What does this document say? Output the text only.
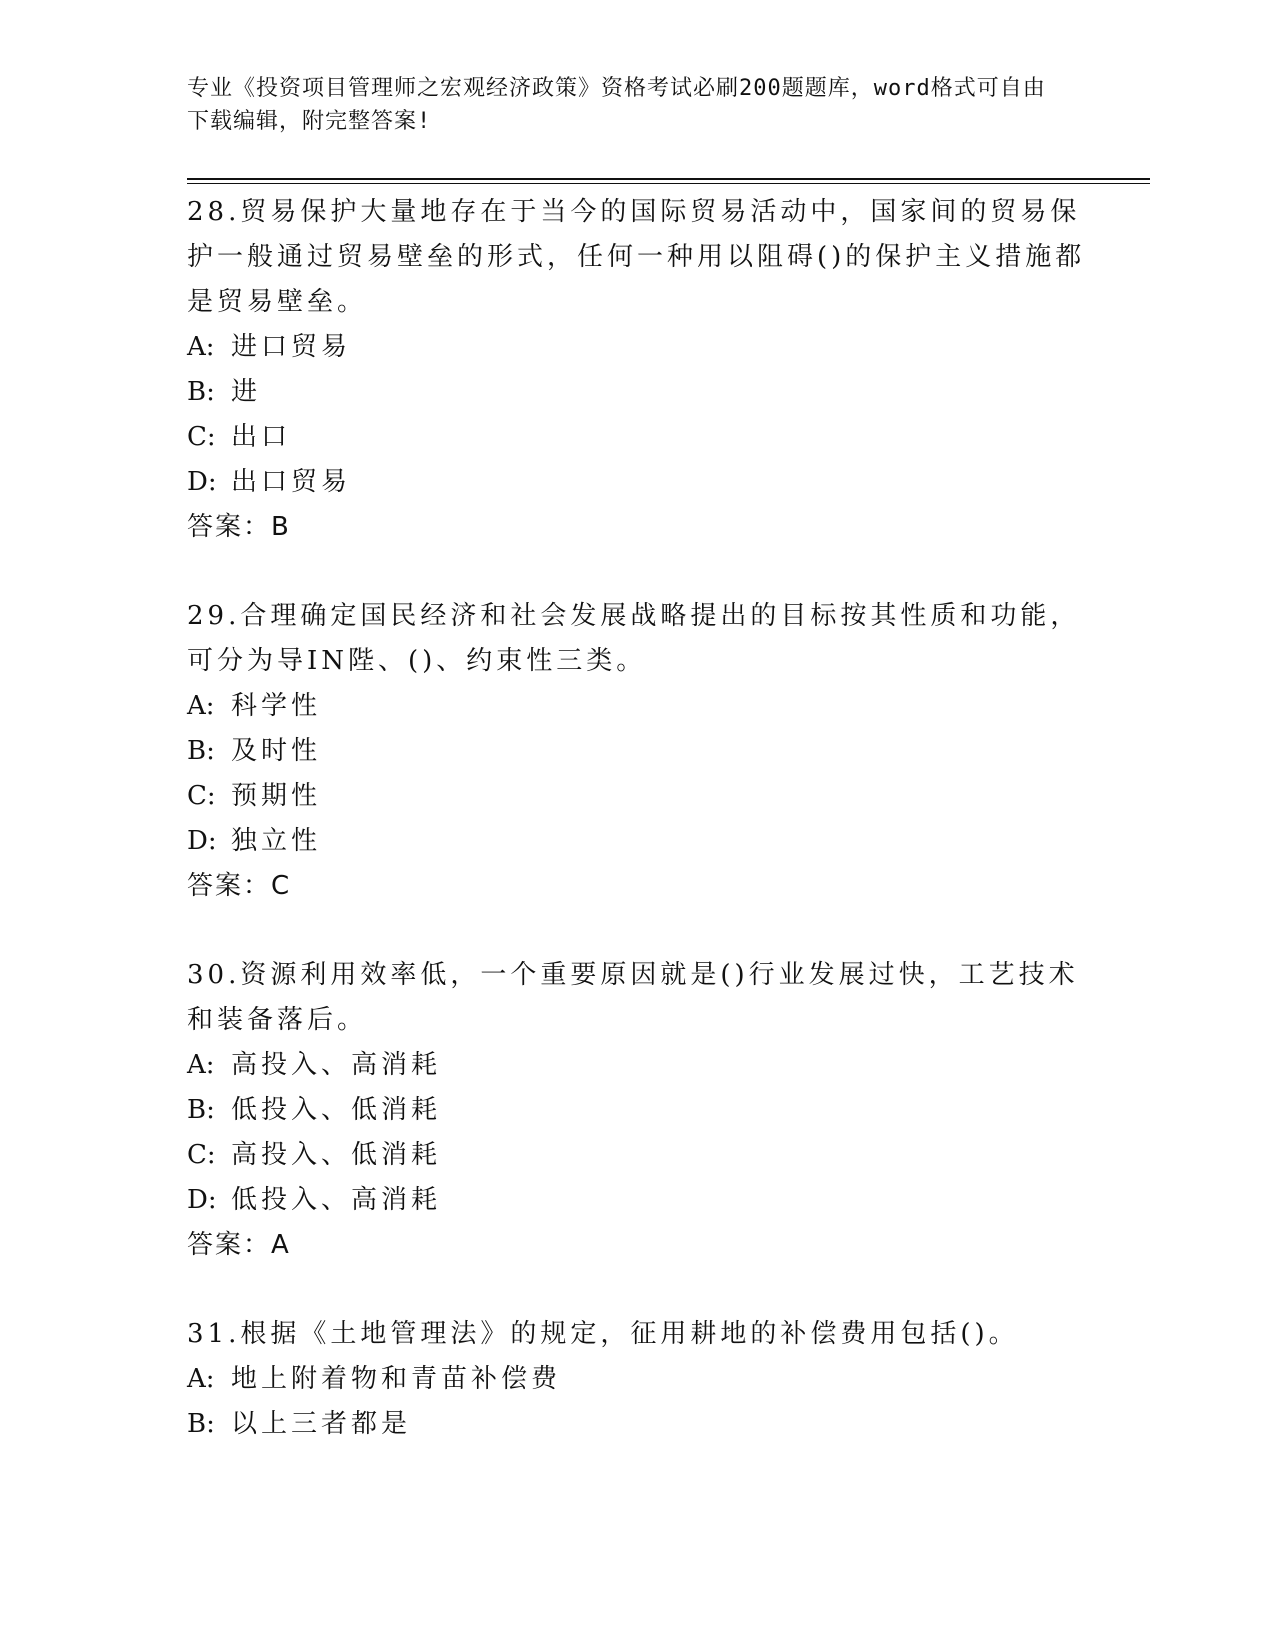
专业《投资项目管理师之宏观经济政策》资格考试必刷200题题库，word格式可自由下载编辑，附完整答案!

28.贸易保护大量地存在于当今的国际贸易活动中，国家间的贸易保护一般通过贸易壁垒的形式，任何一种用以阻碍()的保护主义措施都是贸易壁垒。

A: 进口贸易
B: 进
C: 出口
D: 出口贸易
答案：B

29.合理确定国民经济和社会发展战略提出的目标按其性质和功能，可分为导IN陛、()、约束性三类。

A: 科学性
B: 及时性
C: 预期性
D: 独立性
答案：C

30.资源利用效率低，一个重要原因就是()行业发展过快，工艺技术和装备落后。

A: 高投入、高消耗
B: 低投入、低消耗
C: 高投入、低消耗
D: 低投入、高消耗
答案：A

31.根据《土地管理法》的规定，征用耕地的补偿费用包括()。

A: 地上附着物和青苗补偿费
B: 以上三者都是
